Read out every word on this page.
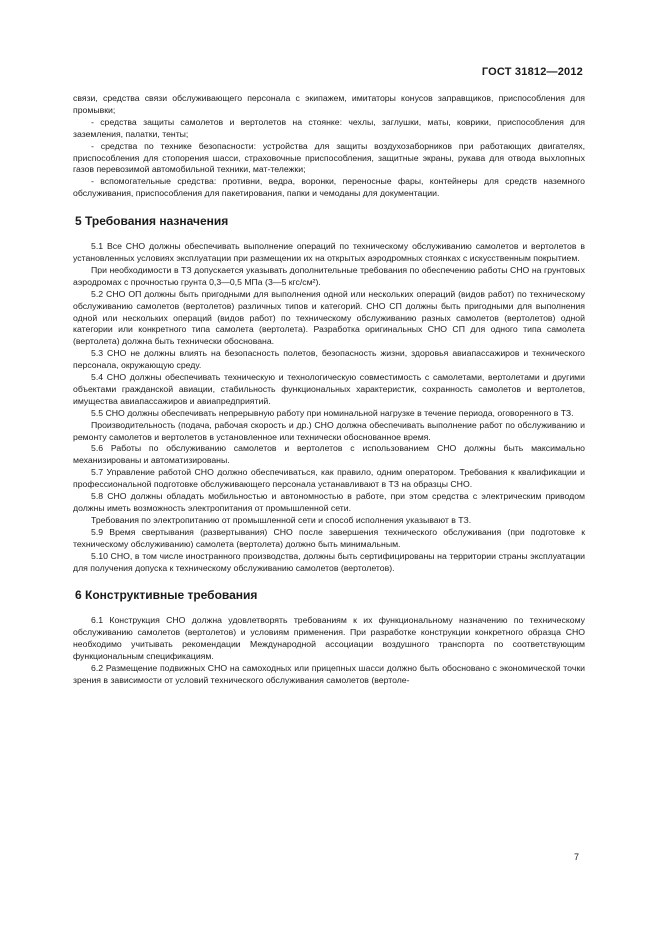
ГОСТ 31812—2012

связи, средства связи обслуживающего персонала с экипажем, имитаторы конусов заправщиков, приспособления для промывки;

- средства защиты самолетов и вертолетов на стоянке: чехлы, заглушки, маты, коврики, приспособления для заземления, палатки, тенты;

- средства по технике безопасности: устройства для защиты воздухозаборников при работающих двигателях, приспособления для стопорения шасси, страховочные приспособления, защитные экраны, рукава для отвода выхлопных газов перевозимой автомобильной техники, мат-тележки;

- вспомогательные средства: противни, ведра, воронки, переносные фары, контейнеры для средств наземного обслуживания, приспособления для пакетирования, папки и чемоданы для документации.

5 Требования назначения

5.1 Все СНО должны обеспечивать выполнение операций по техническому обслуживанию самолетов и вертолетов в установленных условиях эксплуатации при размещении их на открытых аэродромных стоянках с искусственным покрытием.

При необходимости в ТЗ допускается указывать дополнительные требования по обеспечению работы СНО на грунтовых аэродромах с прочностью грунта 0,3—0,5 МПа (3—5 кгс/см²).

5.2 СНО ОП должны быть пригодными для выполнения одной или нескольких операций (видов работ) по техническому обслуживанию самолетов (вертолетов) различных типов и категорий. СНО СП должны быть пригодными для выполнения одной или нескольких операций (видов работ) по техническому обслуживанию разных самолетов (вертолетов) одной категории или конкретного типа самолета (вертолета). Разработка оригинальных СНО СП для одного типа самолета (вертолета) должна быть технически обоснована.

5.3 СНО не должны влиять на безопасность полетов, безопасность жизни, здоровья авиапассажиров и технического персонала, окружающую среду.

5.4 СНО должны обеспечивать техническую и технологическую совместимость с самолетами, вертолетами и другими объектами гражданской авиации, стабильность функциональных характеристик, сохранность самолетов и вертолетов, имущества авиапассажиров и авиапредприятий.

5.5 СНО должны обеспечивать непрерывную работу при номинальной нагрузке в течение периода, оговоренного в ТЗ.

Производительность (подача, рабочая скорость и др.) СНО должна обеспечивать выполнение работ по обслуживанию и ремонту самолетов и вертолетов в установленное или технически обоснованное время.

5.6 Работы по обслуживанию самолетов и вертолетов с использованием СНО должны быть максимально механизированы и автоматизированы.

5.7 Управление работой СНО должно обеспечиваться, как правило, одним оператором. Требования к квалификации и профессиональной подготовке обслуживающего персонала устанавливают в ТЗ на образцы СНО.

5.8 СНО должны обладать мобильностью и автономностью в работе, при этом средства с электрическим приводом должны иметь возможность электропитания от промышленной сети.

Требования по электропитанию от промышленной сети и способ исполнения указывают в ТЗ.

5.9 Время свертывания (развертывания) СНО после завершения технического обслуживания (при подготовке к техническому обслуживанию) самолета (вертолета) должно быть минимальным.

5.10 СНО, в том числе иностранного производства, должны быть сертифицированы на территории страны эксплуатации для получения допуска к техническому обслуживанию самолетов (вертолетов).

6 Конструктивные требования

6.1 Конструкция СНО должна удовлетворять требованиям к их функциональному назначению по техническому обслуживанию самолетов (вертолетов) и условиям применения. При разработке конструкции конкретного образца СНО необходимо учитывать рекомендации Международной ассоциации воздушного транспорта по соответствующим функциональным спецификациям.

6.2 Размещение подвижных СНО на самоходных или прицепных шасси должно быть обосновано с экономической точки зрения в зависимости от условий технического обслуживания самолетов (вертоле-

7
